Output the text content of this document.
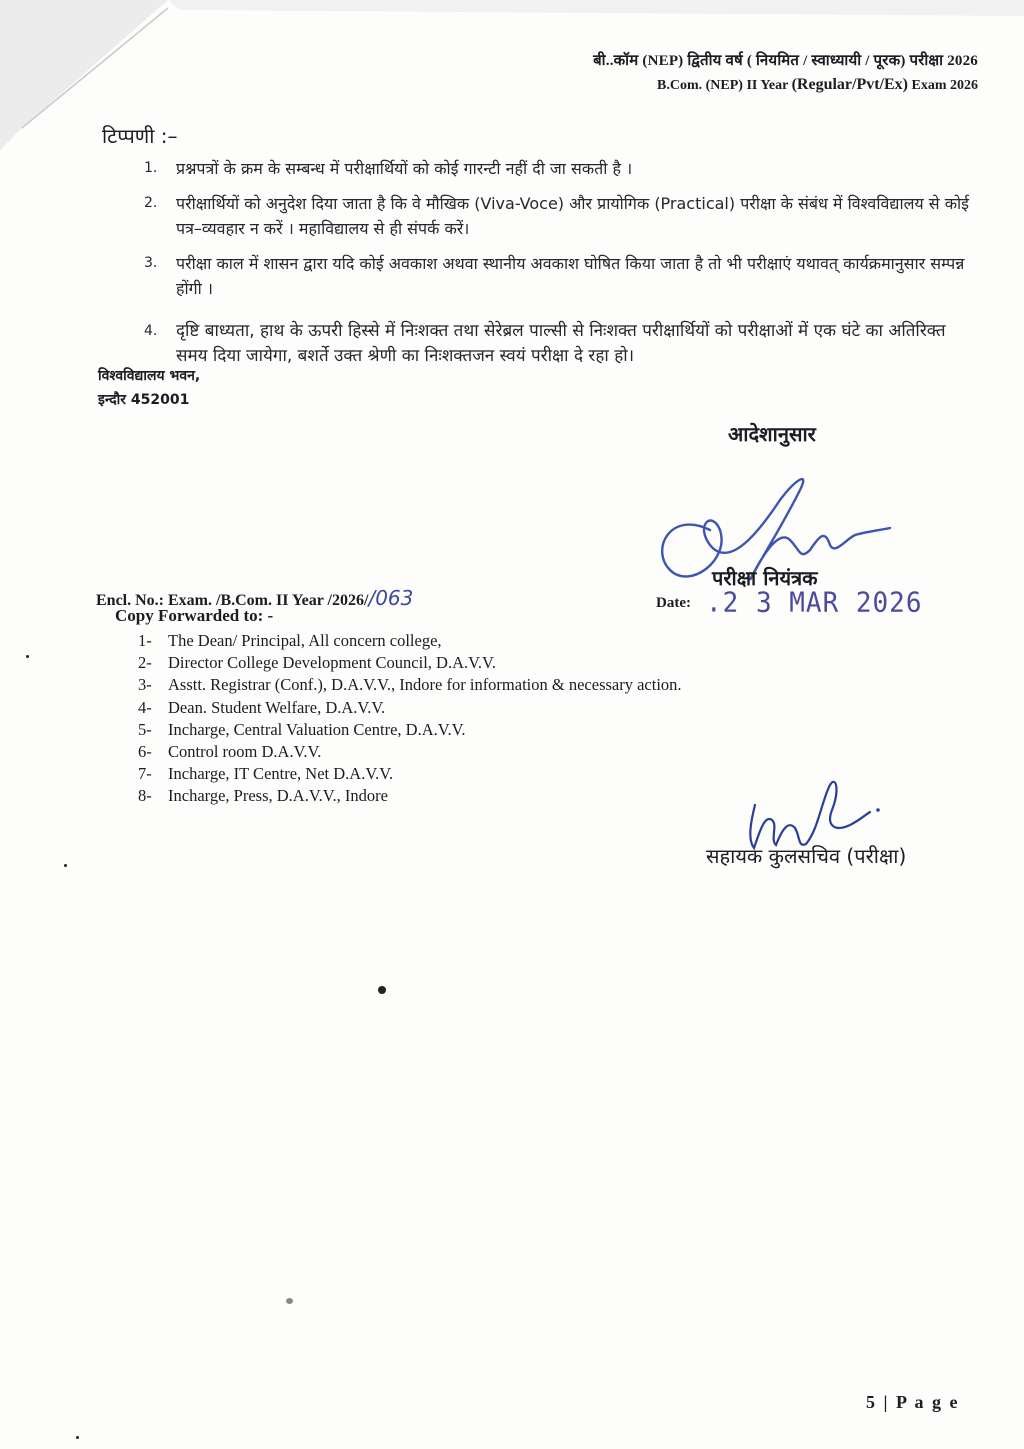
बी..कॉम (NEP) द्वितीय वर्ष ( नियमित / स्वाध्यायी / पूरक) परीक्षा 2026
B.Com. (NEP) II Year (Regular/Pvt/Ex) Exam 2026
टिप्पणी :–
1. प्रश्नपत्रों के क्रम के सम्बन्ध में परीक्षार्थियों को कोई गारन्टी नहीं दी जा सकती है ।
2. परीक्षार्थियों को अनुदेश दिया जाता है कि वे मौखिक (Viva-Voce) और प्रायोगिक (Practical) परीक्षा के संबंध में विश्वविद्यालय से कोई पत्र–व्यवहार न करें । महाविद्यालय से ही संपर्क करें।
3. परीक्षा काल में शासन द्वारा यदि कोई अवकाश अथवा स्थानीय अवकाश घोषित किया जाता है तो भी परीक्षाएं यथावत् कार्यक्रमानुसार सम्पन्न होंगी ।
4. दृष्टि बाध्यता, हाथ के ऊपरी हिस्से में निःशक्त तथा सेरेब्रल पाल्सी से निःशक्त परीक्षार्थियों को परीक्षाओं में एक घंटे का अतिरिक्त समय दिया जायेगा, बशर्ते उक्त श्रेणी का निःशक्तजन स्वयं परीक्षा दे रहा हो।
विश्वविद्यालय भवन,
इन्दौर 452001
आदेशानुसार
परीक्षा नियंत्रक
Date: .2 3 MAR 2026
Encl. No.: Exam. /B.Com. II Year /2026//063
Copy Forwarded to: -
1- The Dean/ Principal, All concern college,
2- Director College Development Council, D.A.V.V.
3- Asstt. Registrar (Conf.), D.A.V.V., Indore for information & necessary action.
4- Dean. Student Welfare, D.A.V.V.
5- Incharge, Central Valuation Centre, D.A.V.V.
6- Control room D.A.V.V.
7- Incharge, IT Centre, Net D.A.V.V.
8- Incharge, Press, D.A.V.V., Indore
सहायक कुलसचिव (परीक्षा)
5 | P a g e
